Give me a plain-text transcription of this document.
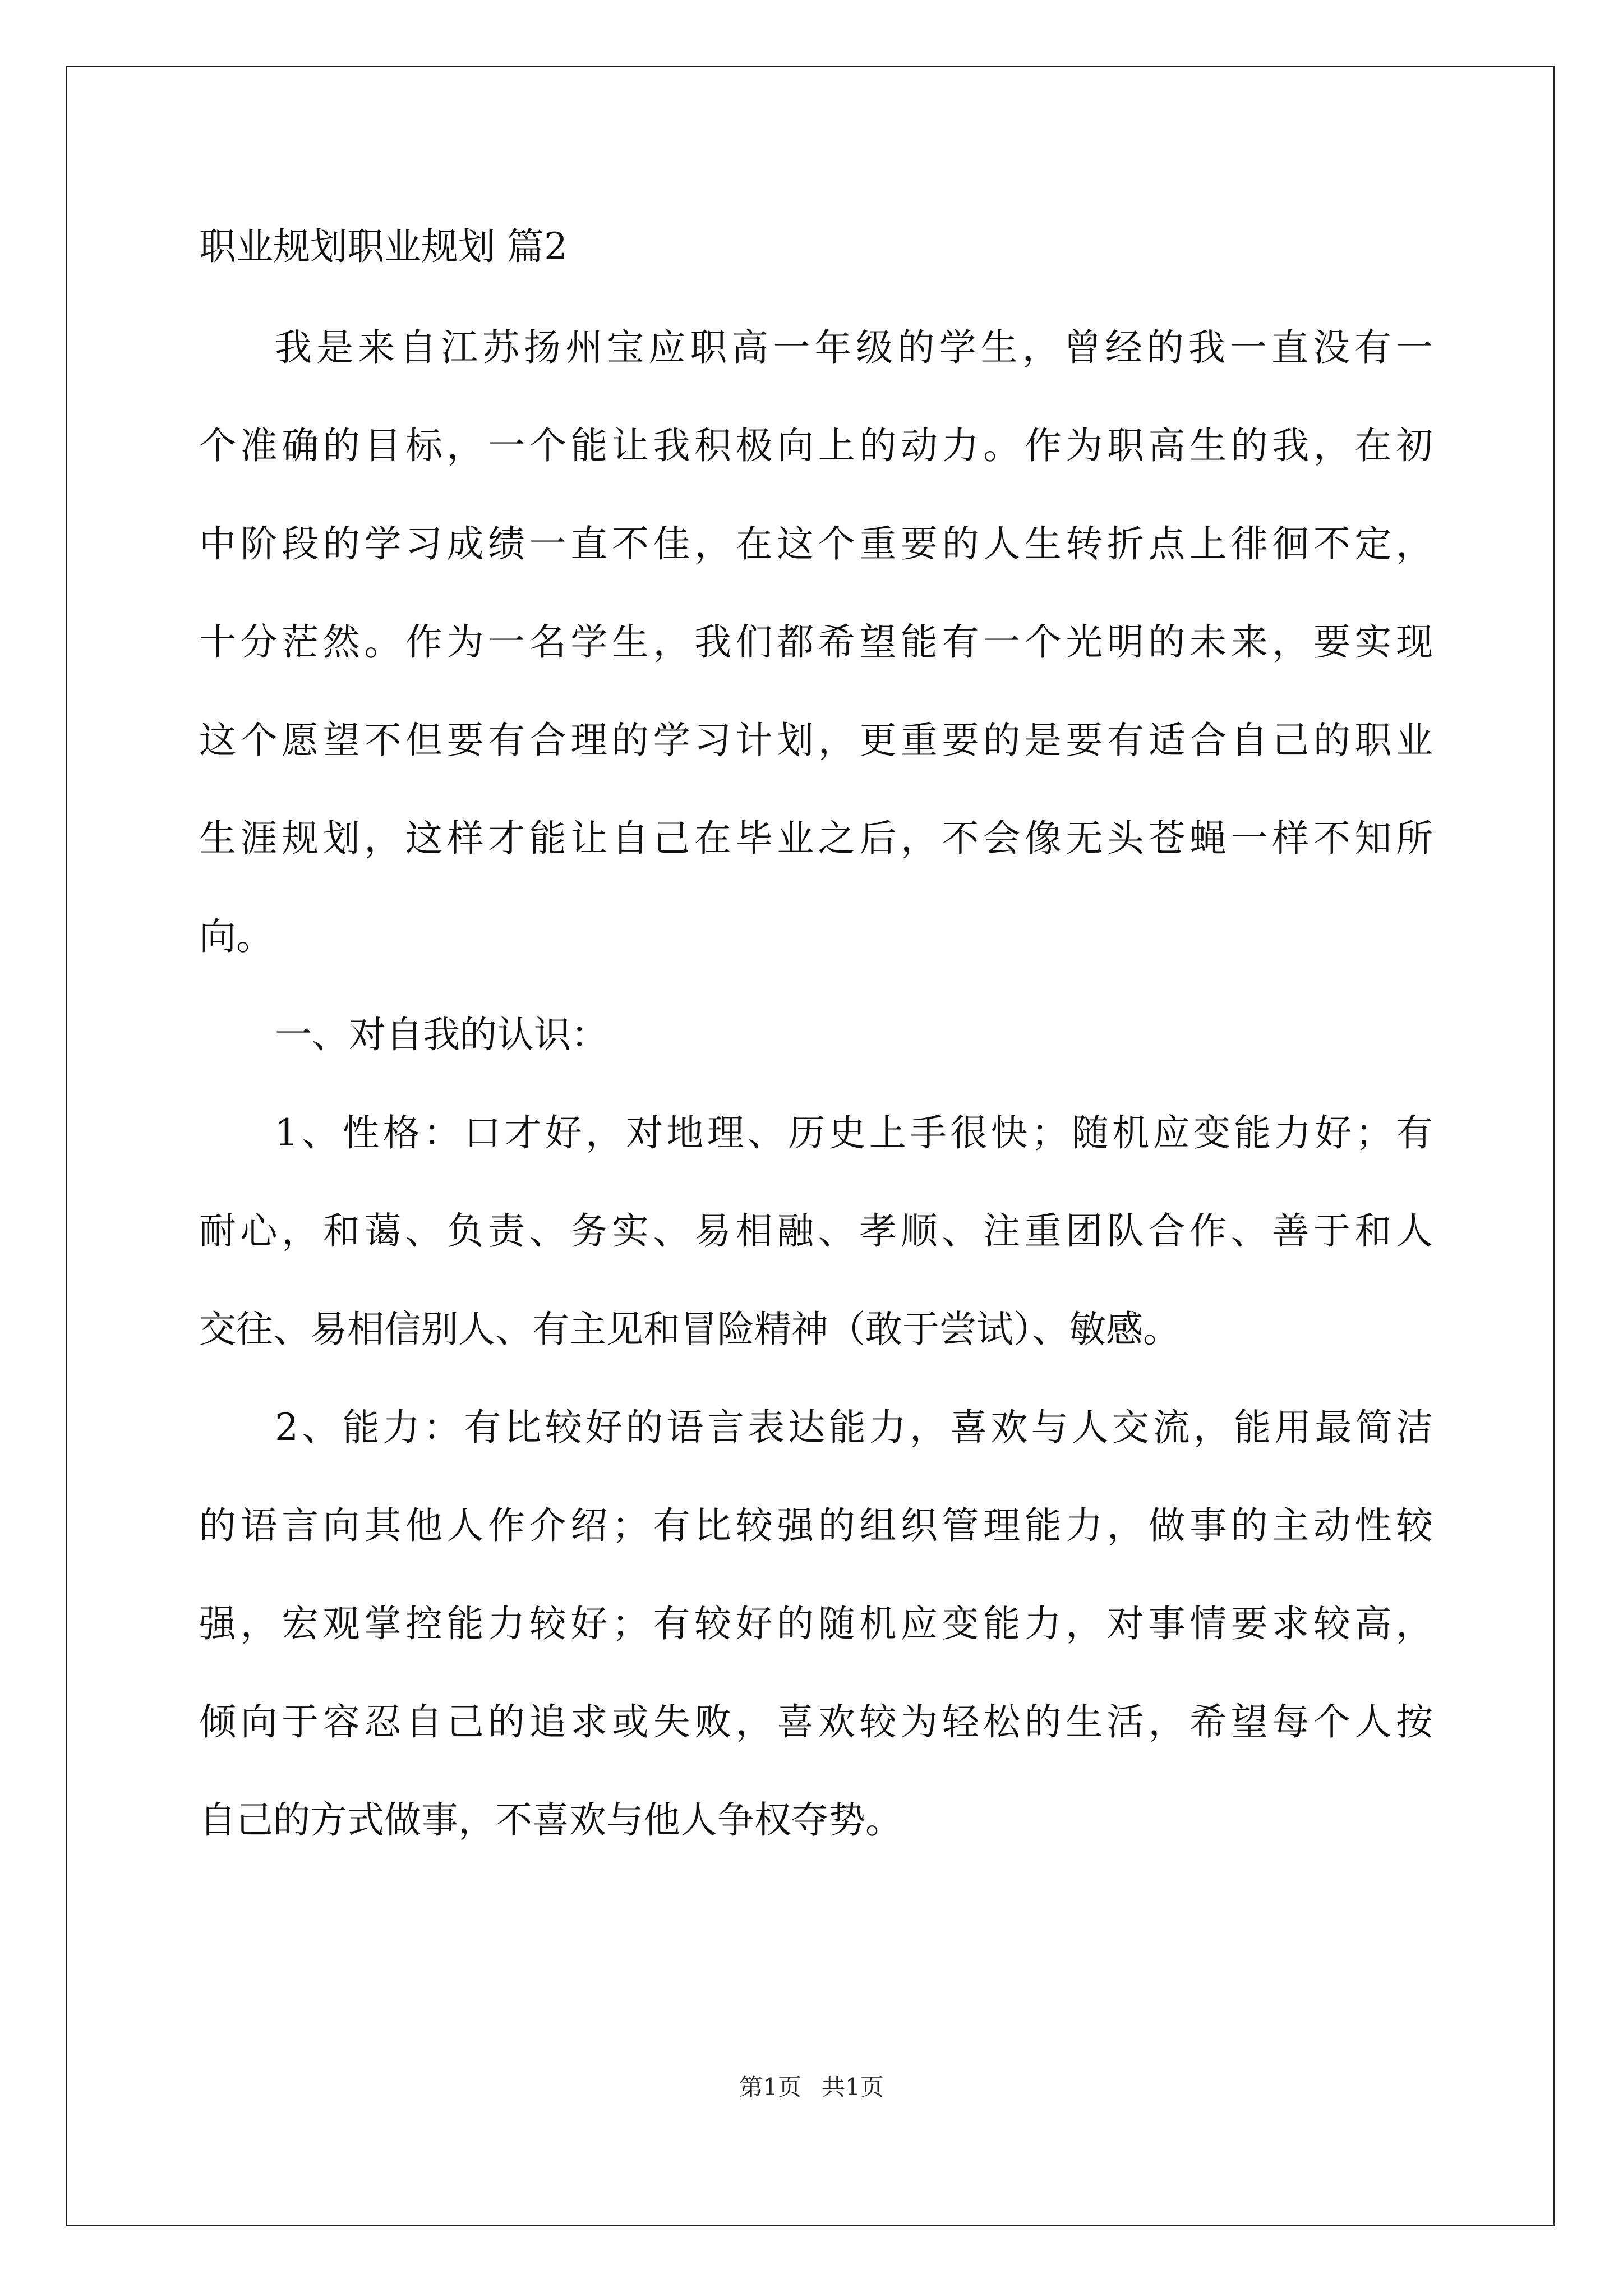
职业规划职业规划 篇2

我是来自江苏扬州宝应职高一年级的学生，曾经的我一直没有一

个准确的目标，一个能让我积极向上的动力。作为职高生的我，在初

中阶段的学习成绩一直不佳，在这个重要的人生转折点上徘徊不定，

十分茫然。作为一名学生，我们都希望能有一个光明的未来，要实现

这个愿望不但要有合理的学习计划，更重要的是要有适合自己的职业

生涯规划，这样才能让自己在毕业之后，不会像无头苍蝇一样不知所

向。

一、对自我的认识：

1、性格：口才好，对地理、历史上手很快；随机应变能力好；有

耐心，和蔼、负责、务实、易相融、孝顺、注重团队合作、善于和人

交往、易相信别人、有主见和冒险精神（敢于尝试）、敏感。

2、能力：有比较好的语言表达能力，喜欢与人交流，能用最简洁

的语言向其他人作介绍；有比较强的组织管理能力，做事的主动性较

强，宏观掌控能力较好；有较好的随机应变能力，对事情要求较高，

倾向于容忍自己的追求或失败，喜欢较为轻松的生活，希望每个人按

自己的方式做事，不喜欢与他人争权夺势。

第1页 共1页
